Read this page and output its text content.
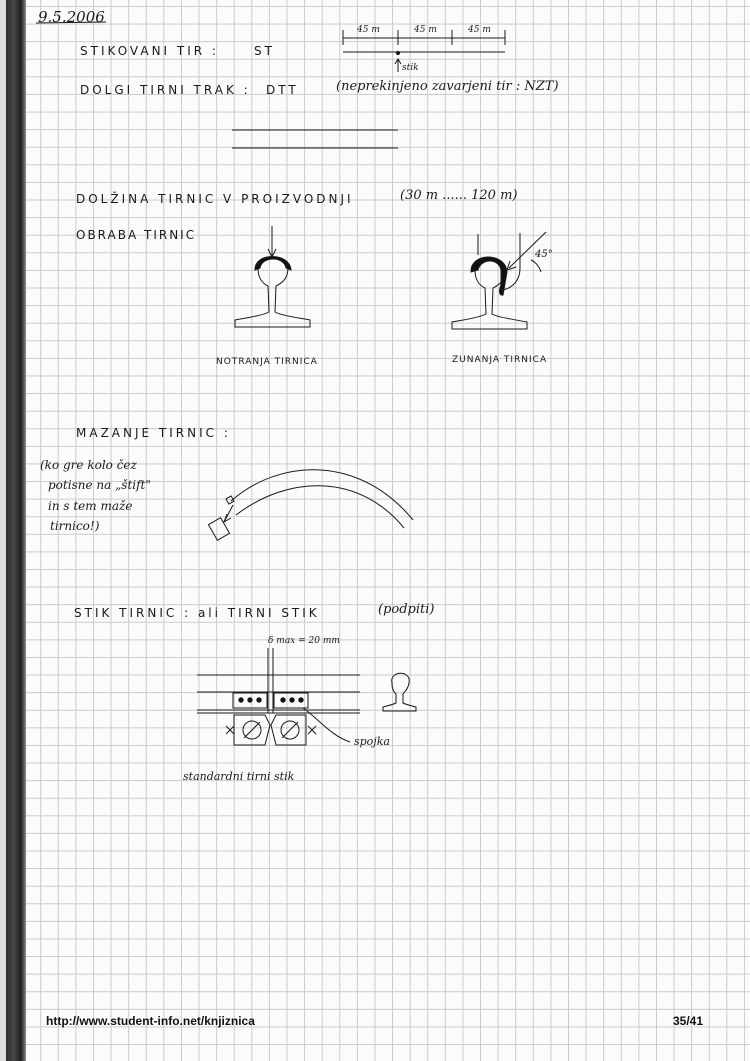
9.5.2006
STIKOVANI TIR :	ST
DOLGI TIRNI TRAK : DTT	(neprekinjeno zavarjeni tir : NZT)
45 m	45 m	45 m
stik
DOLŽINA TIRNIC V PROIZVODNJI	(30 m ...... 120 m)
OBRABA TIRNIC
45°
NOTRANJA TIRNICA	ZUNANJA TIRNICA
MAZANJE TIRNIC :
(ko gre kolo čez
potisne na „štift"
in s tem maže
tirnico!)
STIK TIRNIC : ali TIRNI STIK	(podpiti)
δ max = 20 mm
spojka
standardni tirni stik
http://www.student-info.net/knjiznica	35/41
